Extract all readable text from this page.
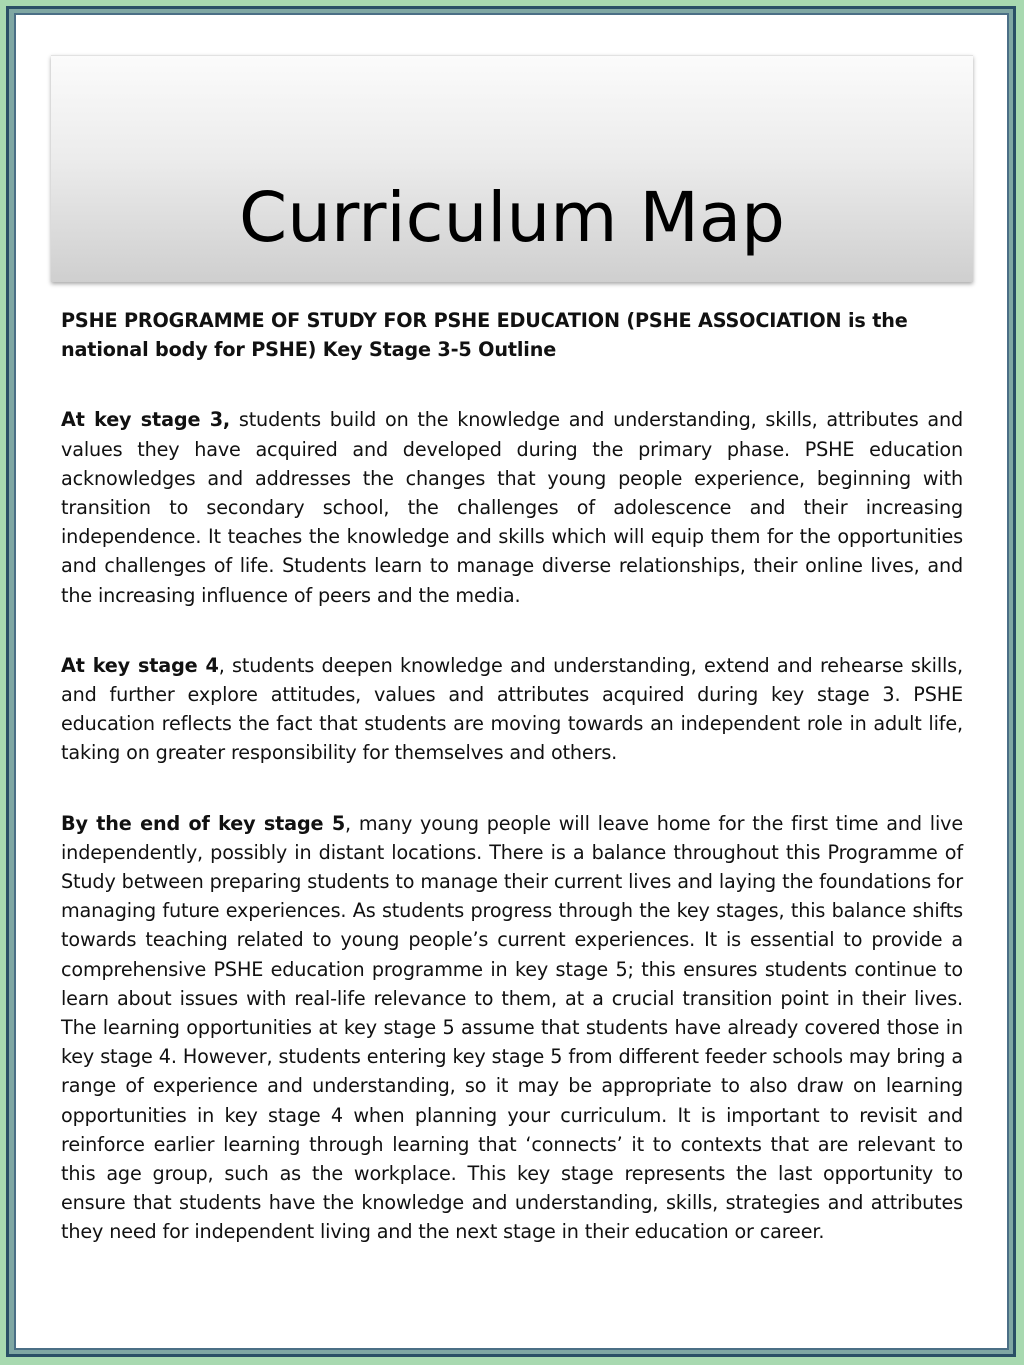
Curriculum Map

PSHE PROGRAMME OF STUDY FOR PSHE EDUCATION (PSHE ASSOCIATION is the national body for PSHE) Key Stage 3-5 Outline

At key stage 3, students build on the knowledge and understanding, skills, attributes and values they have acquired and developed during the primary phase. PSHE education acknowledges and addresses the changes that young people experience, beginning with transition to secondary school, the challenges of adolescence and their increasing independence. It teaches the knowledge and skills which will equip them for the opportunities and challenges of life. Students learn to manage diverse relationships, their online lives, and the increasing influence of peers and the media.

At key stage 4, students deepen knowledge and understanding, extend and rehearse skills, and further explore attitudes, values and attributes acquired during key stage 3. PSHE education reflects the fact that students are moving towards an independent role in adult life, taking on greater responsibility for themselves and others.

By the end of key stage 5, many young people will leave home for the first time and live independently, possibly in distant locations. There is a balance throughout this Programme of Study between preparing students to manage their current lives and laying the foundations for managing future experiences. As students progress through the key stages, this balance shifts towards teaching related to young people’s current experiences. It is essential to provide a comprehensive PSHE education programme in key stage 5; this ensures students continue to learn about issues with real-life relevance to them, at a crucial transition point in their lives. The learning opportunities at key stage 5 assume that students have already covered those in key stage 4. However, students entering key stage 5 from different feeder schools may bring a range of experience and understanding, so it may be appropriate to also draw on learning opportunities in key stage 4 when planning your curriculum. It is important to revisit and reinforce earlier learning through learning that ‘connects’ it to contexts that are relevant to this age group, such as the workplace. This key stage represents the last opportunity to ensure that students have the knowledge and understanding, skills, strategies and attributes they need for independent living and the next stage in their education or career.
